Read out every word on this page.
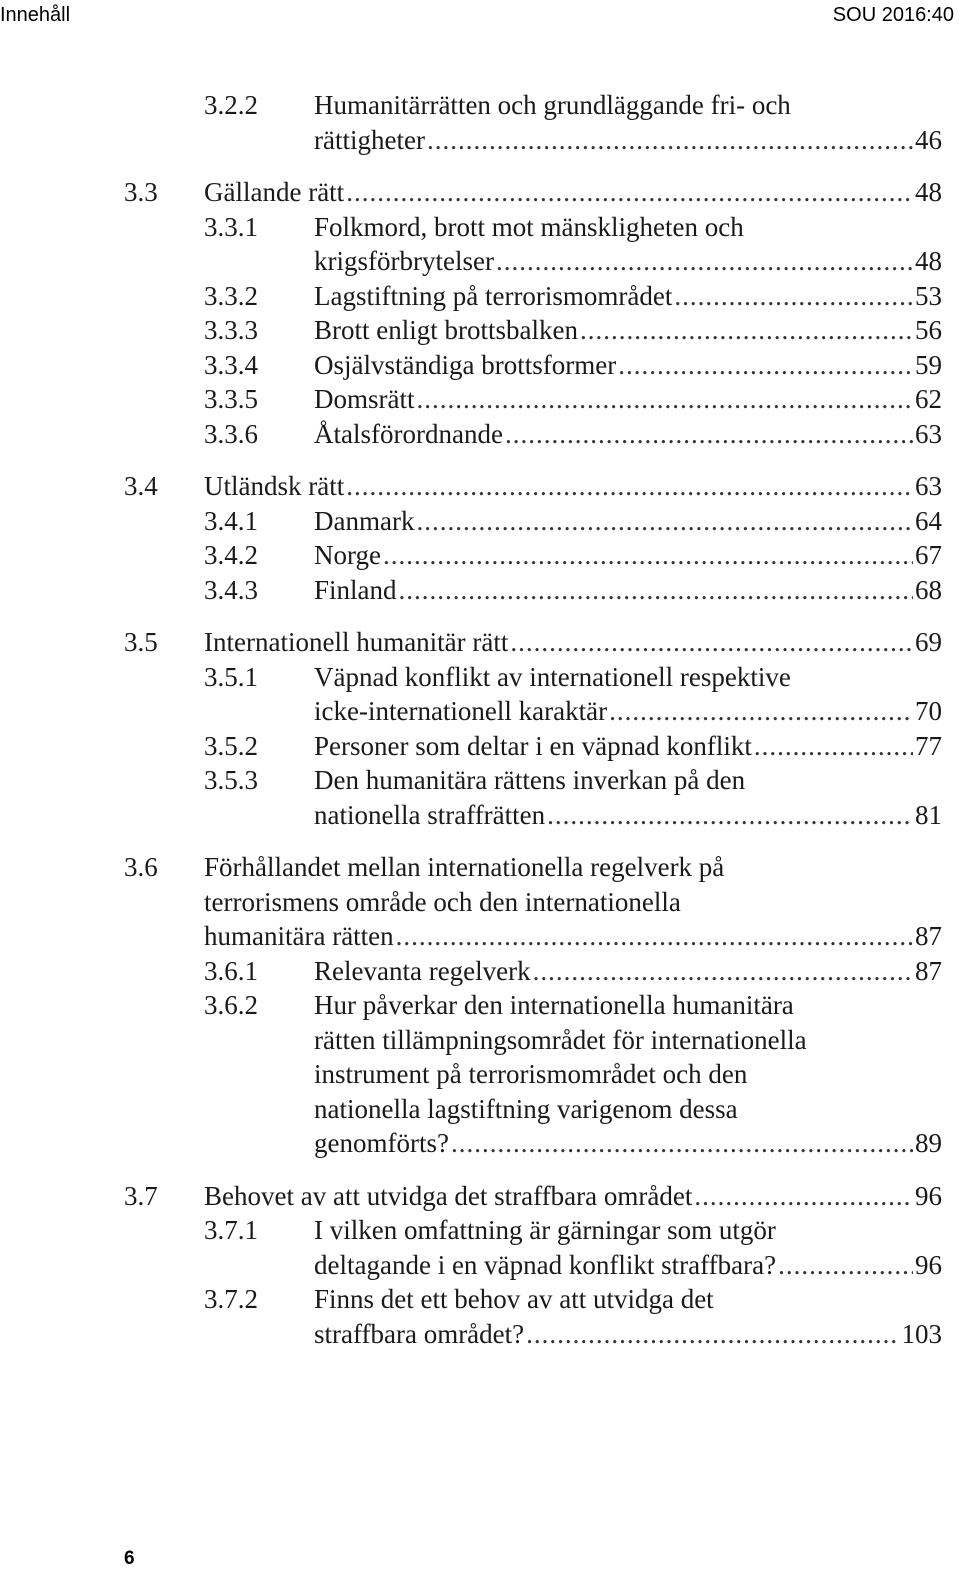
Innehåll	SOU 2016:40
3.2.2 Humanitärrätten och grundläggande fri- och
rättigheter .....	46
3.3 Gällande rätt .....	48
3.3.1 Folkmord, brott mot mänskligheten och
krigsförbrytelser .....	48
3.3.2 Lagstiftning på terrorismområdet .....	53
3.3.3 Brott enligt brottsbalken .....	56
3.3.4 Osjälvständiga brottsformer .....	59
3.3.5 Domsrätt .....	62
3.3.6 Åtalsförordnande .....	63
3.4 Utländsk rätt .....	63
3.4.1 Danmark .....	64
3.4.2 Norge .....	67
3.4.3 Finland .....	68
3.5 Internationell humanitär rätt .....	69
3.5.1 Väpnad konflikt av internationell respektive
icke-internationell karaktär .....	70
3.5.2 Personer som deltar i en väpnad konflikt .....	77
3.5.3 Den humanitära rättens inverkan på den
nationella straffrätten .....	81
3.6 Förhållandet mellan internationella regelverk på
terrorismens område och den internationella
humanitära rätten .....	87
3.6.1 Relevanta regelverk .....	87
3.6.2 Hur påverkar den internationella humanitära
rätten tillämpningsområdet för internationella
instrument på terrorismområdet och den
nationella lagstiftning varigenom dessa
genomförts? .....	89
3.7 Behovet av att utvidga det straffbara området .....	96
3.7.1 I vilken omfattning är gärningar som utgör
deltagande i en väpnad konflikt straffbara? .....	96
3.7.2 Finns det ett behov av att utvidga det
straffbara området? .....	103
6
